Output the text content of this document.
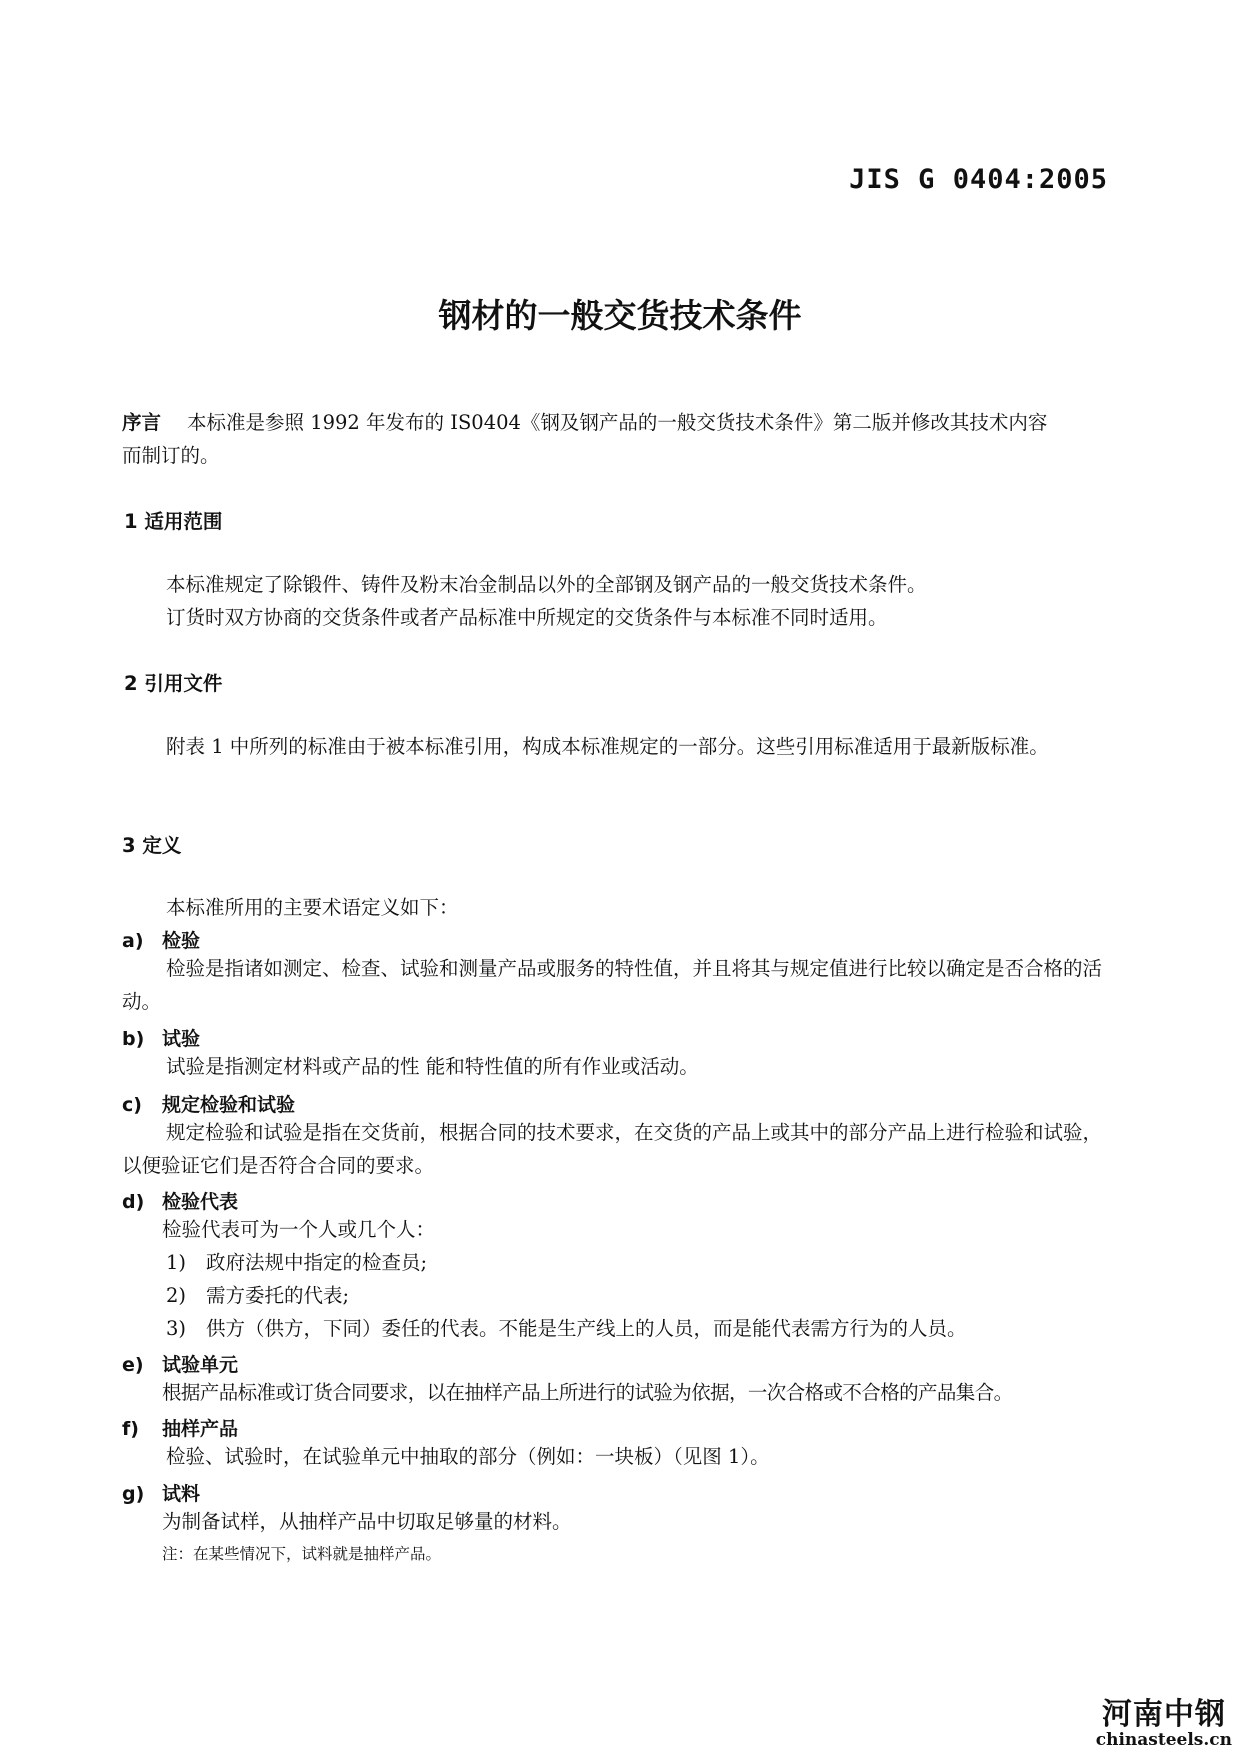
JIS G 0404:2005
钢材的一般交货技术条件
序言 本标准是参照 1992 年发布的 IS0404《钢及钢产品的一般交货技术条件》第二版并修改其技术内容
而制订的。
1 适用范围
本标准规定了除锻件、铸件及粉末冶金制品以外的全部钢及钢产品的一般交货技术条件。
订货时双方协商的交货条件或者产品标准中所规定的交货条件与本标准不同时适用。
2 引用文件
附表 1 中所列的标准由于被本标准引用，构成本标准规定的一部分。这些引用标准适用于最新版标准。
3 定义
本标准所用的主要术语定义如下：
a) 检验
检验是指诸如测定、检查、试验和测量产品或服务的特性值，并且将其与规定值进行比较以确定是否合格的活动。
b) 试验
试验是指测定材料或产品的性 能和特性值的所有作业或活动。
c) 规定检验和试验
规定检验和试验是指在交货前，根据合同的技术要求，在交货的产品上或其中的部分产品上进行检验和试验，以便验证它们是否符合合同的要求。
d) 检验代表
检验代表可为一个人或几个人：
1) 政府法规中指定的检查员;
2) 需方委托的代表;
3) 供方（供方，下同）委任的代表。不能是生产线上的人员，而是能代表需方行为的人员。
e) 试验单元
根据产品标准或订货合同要求，以在抽样产品上所进行的试验为依据，一次合格或不合格的产品集合。
f) 抽样产品
检验、试验时，在试验单元中抽取的部分（例如：一块板）（见图 1）。
g) 试料
为制备试样，从抽样产品中切取足够量的材料。
注：在某些情况下，试料就是抽样产品。
河南中钢
chinasteels.cn
